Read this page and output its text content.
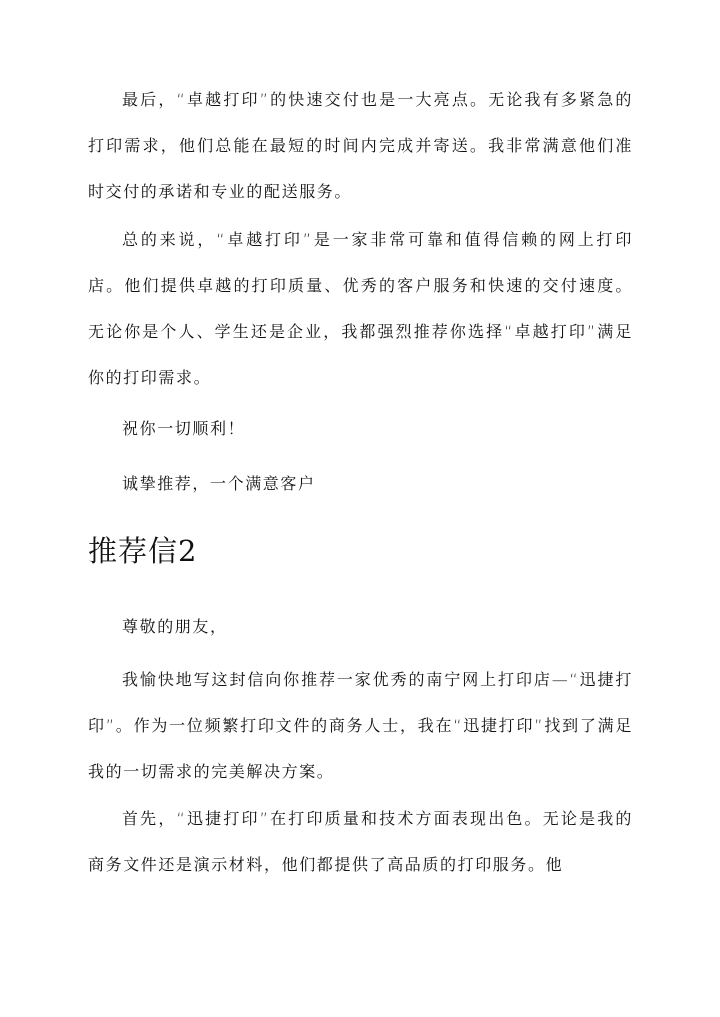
最后，“卓越打印”的快速交付也是一大亮点。无论我有多紧急的打印需求，他们总能在最短的时间内完成并寄送。我非常满意他们准时交付的承诺和专业的配送服务。

总的来说，“卓越打印”是一家非常可靠和值得信赖的网上打印店。他们提供卓越的打印质量、优秀的客户服务和快速的交付速度。无论你是个人、学生还是企业，我都强烈推荐你选择“卓越打印”满足你的打印需求。

祝你一切顺利！

诚挚推荐，一个满意客户

推荐信2

尊敬的朋友，

我愉快地写这封信向你推荐一家优秀的南宁网上打印店—“迅捷打印”。作为一位频繁打印文件的商务人士，我在“迅捷打印”找到了满足我的一切需求的完美解决方案。

首先，“迅捷打印”在打印质量和技术方面表现出色。无论是我的商务文件还是演示材料，他们都提供了高品质的打印服务。他
